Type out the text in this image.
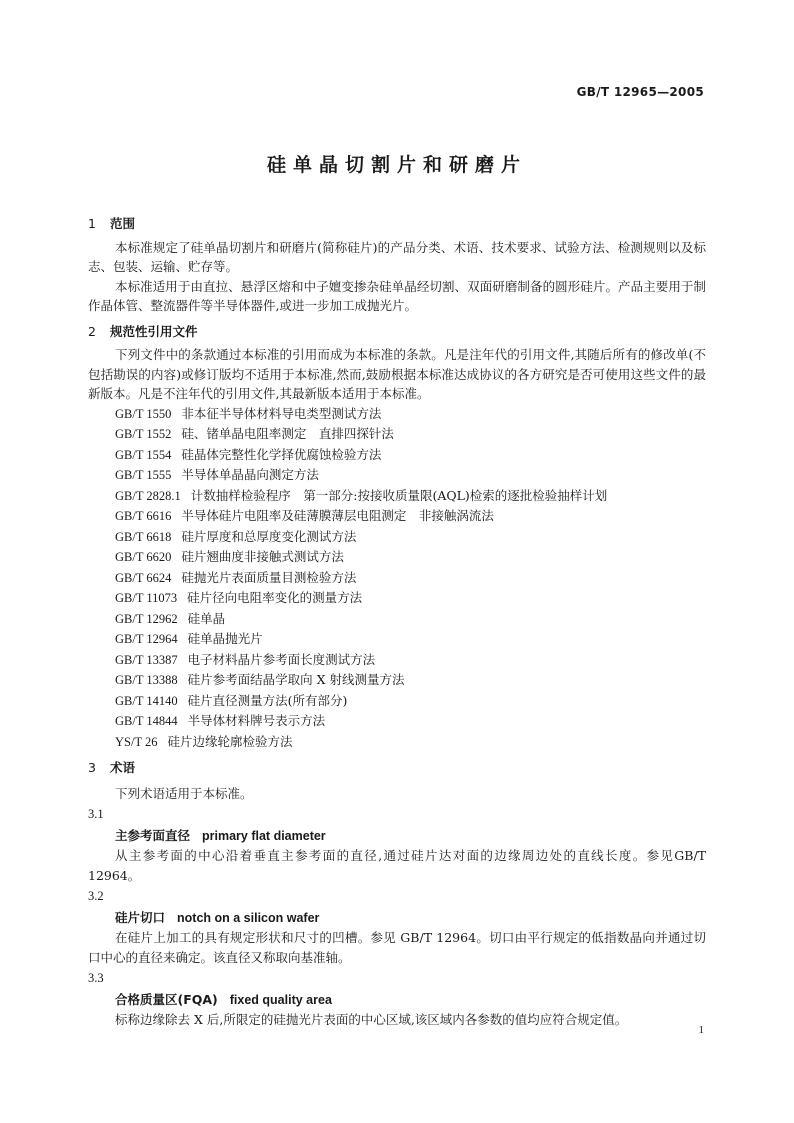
GB/T 12965—2005
硅单晶切割片和研磨片
1 范围

本标准规定了硅单晶切割片和研磨片(简称硅片)的产品分类、术语、技术要求、试验方法、检测规则以及标志、包装、运输、贮存等。

本标准适用于由直拉、悬浮区熔和中子嬗变掺杂硅单晶经切割、双面研磨制备的圆形硅片。产品主要用于制作晶体管、整流器件等半导体器件,或进一步加工成抛光片。

2 规范性引用文件

下列文件中的条款通过本标准的引用而成为本标准的条款。凡是注年代的引用文件,其随后所有的修改单(不包括勘误的内容)或修订版均不适用于本标准,然而,鼓励根据本标准达成协议的各方研究是否可使用这些文件的最新版本。凡是不注年代的引用文件,其最新版本适用于本标准。

GB/T 1550 非本征半导体材料导电类型测试方法
GB/T 1552 硅、锗单晶电阻率测定　直排四探针法
GB/T 1554 硅晶体完整性化学择优腐蚀检验方法
GB/T 1555 半导体单晶晶向测定方法
GB/T 2828.1 计数抽样检验程序　第一部分:按接收质量限(AQL)检索的逐批检验抽样计划
GB/T 6616 半导体硅片电阻率及硅薄膜薄层电阻测定　非接触涡流法
GB/T 6618 硅片厚度和总厚度变化测试方法
GB/T 6620 硅片翘曲度非接触式测试方法
GB/T 6624 硅抛光片表面质量目测检验方法
GB/T 11073 硅片径向电阻率变化的测量方法
GB/T 12962 硅单晶
GB/T 12964 硅单晶抛光片
GB/T 13387 电子材料晶片参考面长度测试方法
GB/T 13388 硅片参考面结晶学取向 X 射线测量方法
GB/T 14140 硅片直径测量方法(所有部分)
GB/T 14844 半导体材料牌号表示方法
YS/T 26 硅片边缘轮廓检验方法
3 术语

下列术语适用于本标准。

3.1

主参考面直径 primary flat diameter

从主参考面的中心沿着垂直主参考面的直径,通过硅片达对面的边缘周边处的直线长度。参见GB/T 12964。

3.2

硅片切口 notch on a silicon wafer

在硅片上加工的具有规定形状和尺寸的凹槽。参见 GB/T 12964。切口由平行规定的低指数晶向并通过切口中心的直径来确定。该直径又称取向基准轴。

3.3

合格质量区(FQA) fixed quality area

标称边缘除去 X 后,所限定的硅抛光片表面的中心区域,该区域内各参数的值均应符合规定值。

1
